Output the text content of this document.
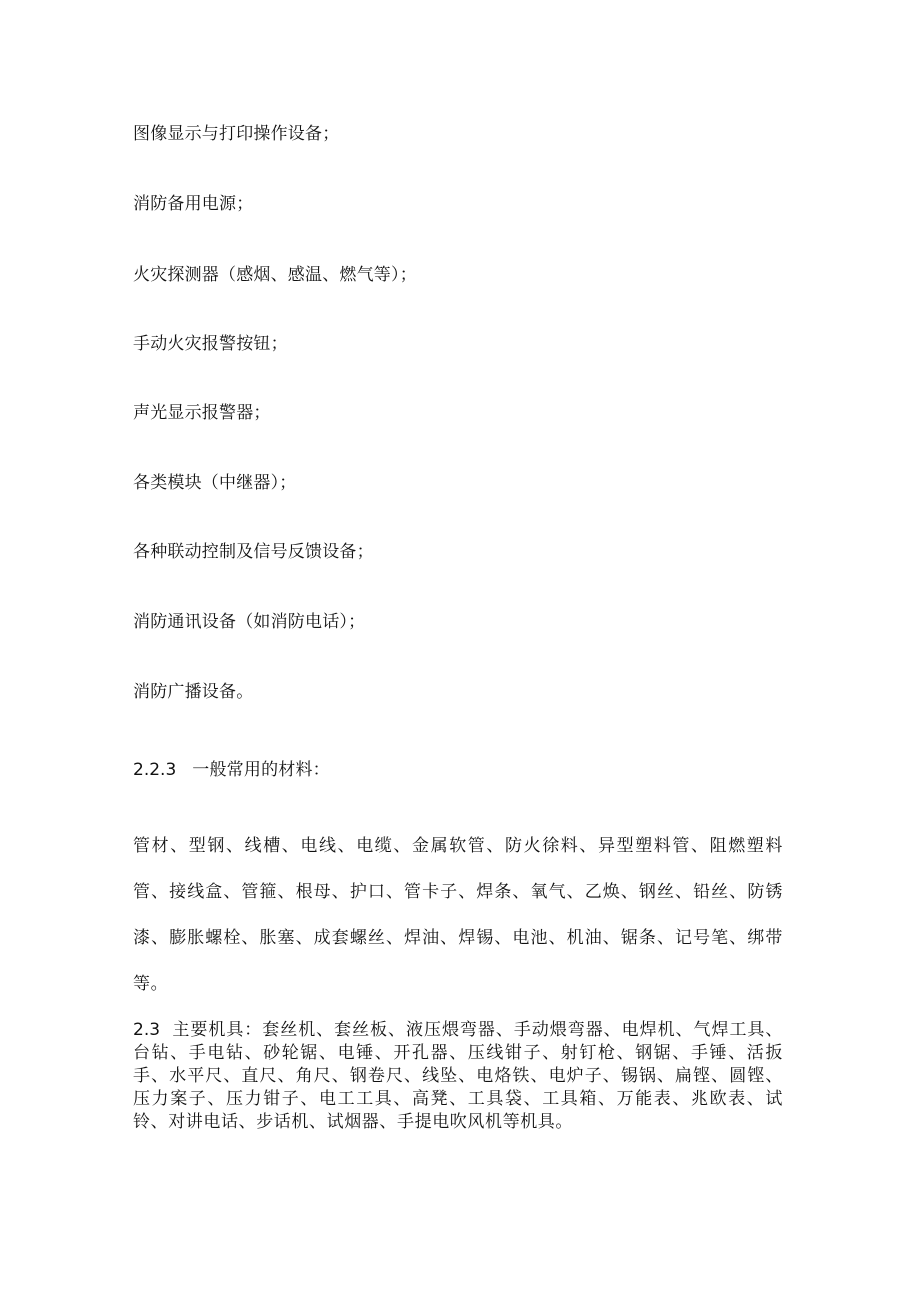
图像显示与打印操作设备；
消防备用电源；
火灾探测器（感烟、感温、燃气等）；
手动火灾报警按钮；
声光显示报警器；
各类模块（中继器）；
各种联动控制及信号反馈设备；
消防通讯设备（如消防电话）；
消防广播设备。
2.2.3 一般常用的材料：
管材、型钢、线槽、电线、电缆、金属软管、防火徐料、异型塑料管、阻燃塑料管、接线盒、管箍、根母、护口、管卡子、焊条、氧气、乙焕、钢丝、铅丝、防锈漆、膨胀螺栓、胀塞、成套螺丝、焊油、焊锡、电池、机油、锯条、记号笔、绑带等。
2.3 主要机具：套丝机、套丝板、液压煨弯器、手动煨弯器、电焊机、气焊工具、台钻、手电钻、砂轮锯、电锤、开孔器、压线钳子、射钉枪、钢锯、手锤、活扳手、水平尺、直尺、角尺、钢卷尺、线坠、电烙铁、电炉子、锡锅、扁铿、圆铿、压力案子、压力钳子、电工工具、高凳、工具袋、工具箱、万能表、兆欧表、试铃、对讲电话、步话机、试烟器、手提电吹风机等机具。
